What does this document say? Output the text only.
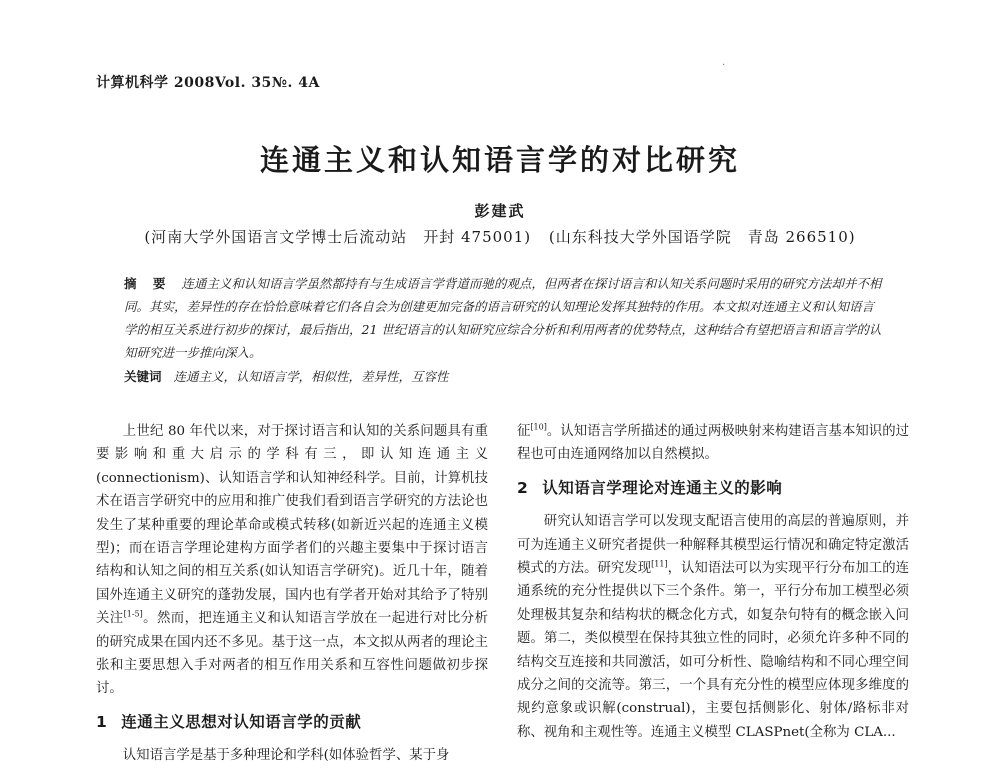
·
计算机科学 2008Vol. 35№. 4A
连通主义和认知语言学的对比研究
彭建武
(河南大学外国语言文学博士后流动站　开封 475001) (山东科技大学外国语学院　青岛 266510)
摘 要 连通主义和认知语言学虽然都持有与生成语言学背道而驰的观点，但两者在探讨语言和认知关系问题时采用的研究方法却并不相同。其实，差异性的存在恰恰意味着它们各自会为创建更加完备的语言研究的认知理论发挥其独特的作用。本文拟对连通主义和认知语言学的相互关系进行初步的探讨，最后指出，21 世纪语言的认知研究应综合分析和利用两者的优势特点，这种结合有望把语言和语言学的认知研究进一步推向深入。
关键词 连通主义，认知语言学，相似性，差异性，互容性

上世纪 80 年代以来，对于探讨语言和认知的关系问题具有重要影响和重大启示的学科有三，即认知连通主义(connectionism)、认知语言学和认知神经科学。目前，计算机技术在语言学研究中的应用和推广使我们看到语言学研究的方法论也发生了某种重要的理论革命或模式转移(如新近兴起的连通主义模型)；而在语言学理论建构方面学者们的兴趣主要集中于探讨语言结构和认知之间的相互关系(如认知语言学研究)。近几十年，随着国外连通主义研究的蓬勃发展，国内也有学者开始对其给予了特别关注[1-5]。然而，把连通主义和认知语言学放在一起进行对比分析的研究成果在国内还不多见。基于这一点，本文拟从两者的理论主张和主要思想入手对两者的相互作用关系和互容性问题做初步探讨。

1 连通主义思想对认知语言学的贡献

认知语言学是基于多种理论和学科(如体验哲学、某于身

征[10]。认知语言学所描述的通过两极映射来构建语言基本知识的过程也可由连通网络加以自然模拟。

2 认知语言学理论对连通主义的影响

研究认知语言学可以发现支配语言使用的高层的普遍原则，并可为连通主义研究者提供一种解释其模型运行情况和确定特定激活模式的方法。研究发现[11]，认知语法可以为实现平行分布加工的连通系统的充分性提供以下三个条件。第一，平行分布加工模型必须处理极其复杂和结构状的概念化方式，如复杂句特有的概念嵌入问题。第二，类似模型在保持其独立性的同时，必须允许多种不同的结构交互连接和共同激活，如可分析性、隐喻结构和不同心理空间成分之间的交流等。第三，一个具有充分性的模型应体现多维度的规约意象或识解(construal)，主要包括侧影化、射体/路标非对称、视角和主观性等。连通主义模型 CLASPnet(全称为 CLA...
